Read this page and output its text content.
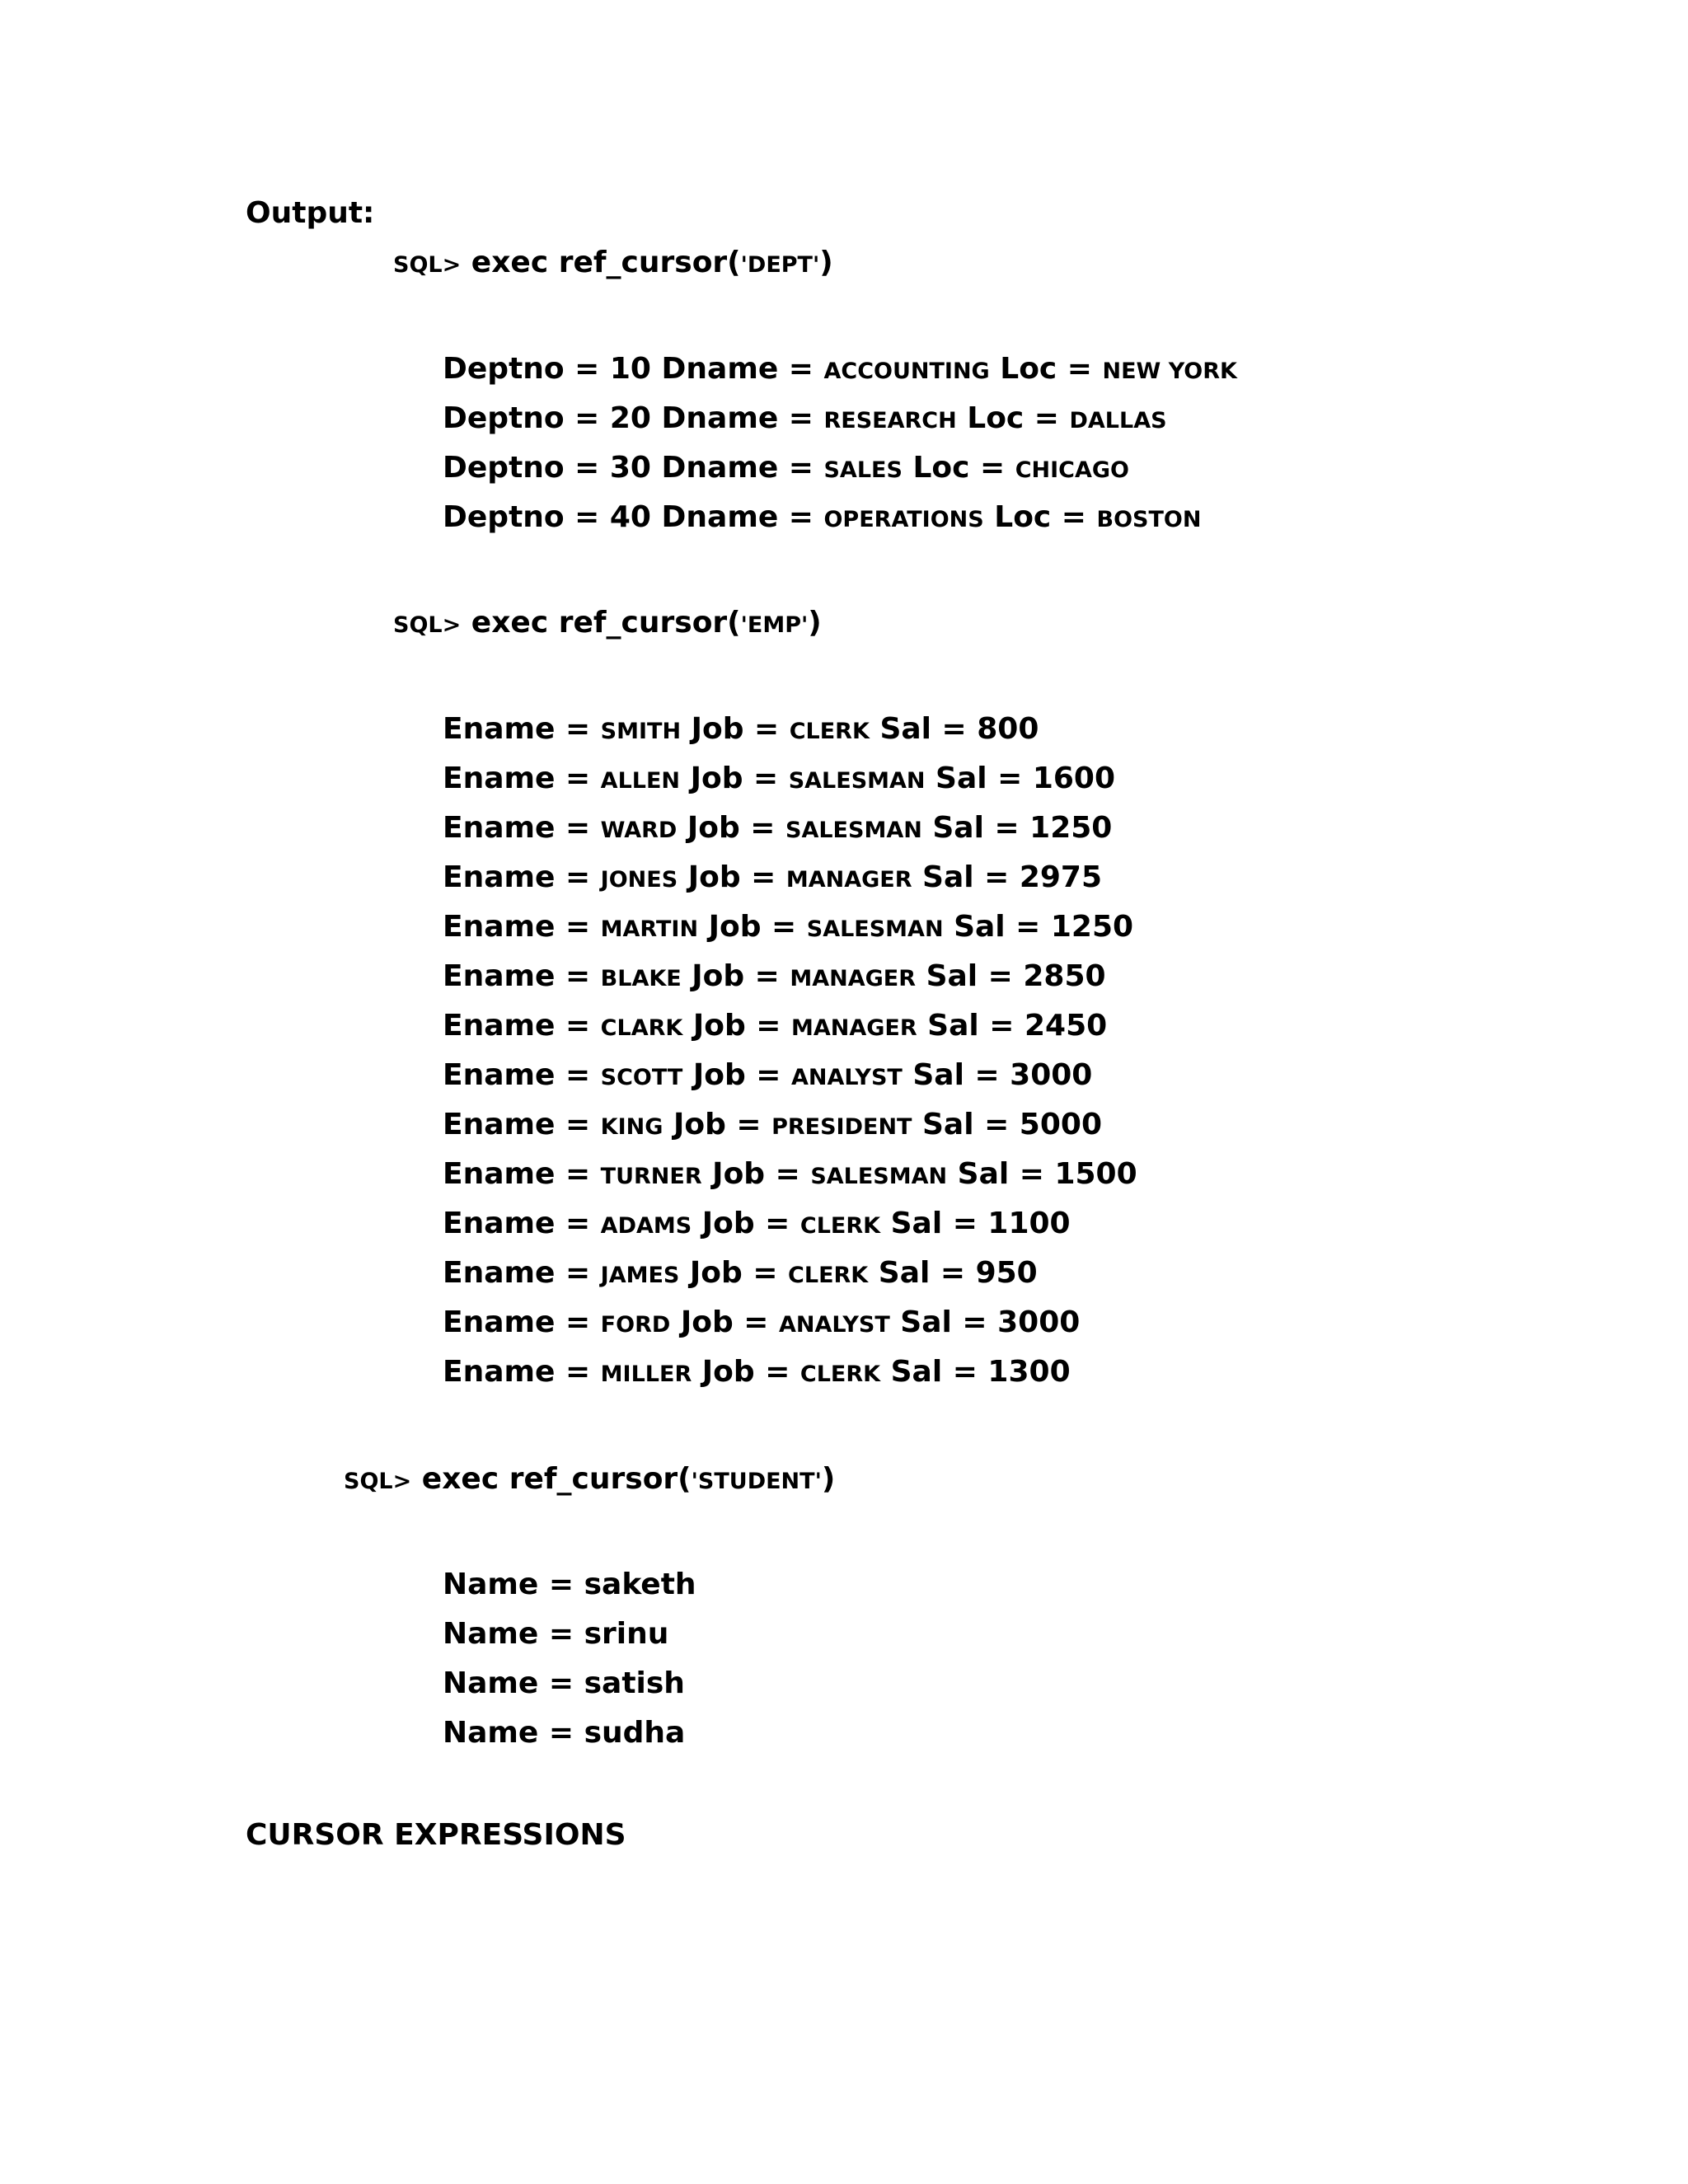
Output:
SQL> exec ref_cursor('DEPT')
Deptno = 10 Dname = ACCOUNTING Loc = NEW YORK
Deptno = 20 Dname = RESEARCH Loc = DALLAS
Deptno = 30 Dname = SALES Loc = CHICAGO
Deptno = 40 Dname = OPERATIONS Loc = BOSTON
SQL> exec ref_cursor('EMP')
Ename = SMITH Job = CLERK Sal = 800
Ename = ALLEN Job = SALESMAN Sal = 1600
Ename = WARD Job = SALESMAN Sal = 1250
Ename = JONES Job = MANAGER Sal = 2975
Ename = MARTIN Job = SALESMAN Sal = 1250
Ename = BLAKE Job = MANAGER Sal = 2850
Ename = CLARK Job = MANAGER Sal = 2450
Ename = SCOTT Job = ANALYST Sal = 3000
Ename = KING Job = PRESIDENT Sal = 5000
Ename = TURNER Job = SALESMAN Sal = 1500
Ename = ADAMS Job = CLERK Sal = 1100
Ename = JAMES Job = CLERK Sal = 950
Ename = FORD Job = ANALYST Sal = 3000
Ename = MILLER Job = CLERK Sal = 1300
SQL> exec ref_cursor('STUDENT')
Name = saketh
Name = srinu
Name = satish
Name = sudha
CURSOR EXPRESSIONS
